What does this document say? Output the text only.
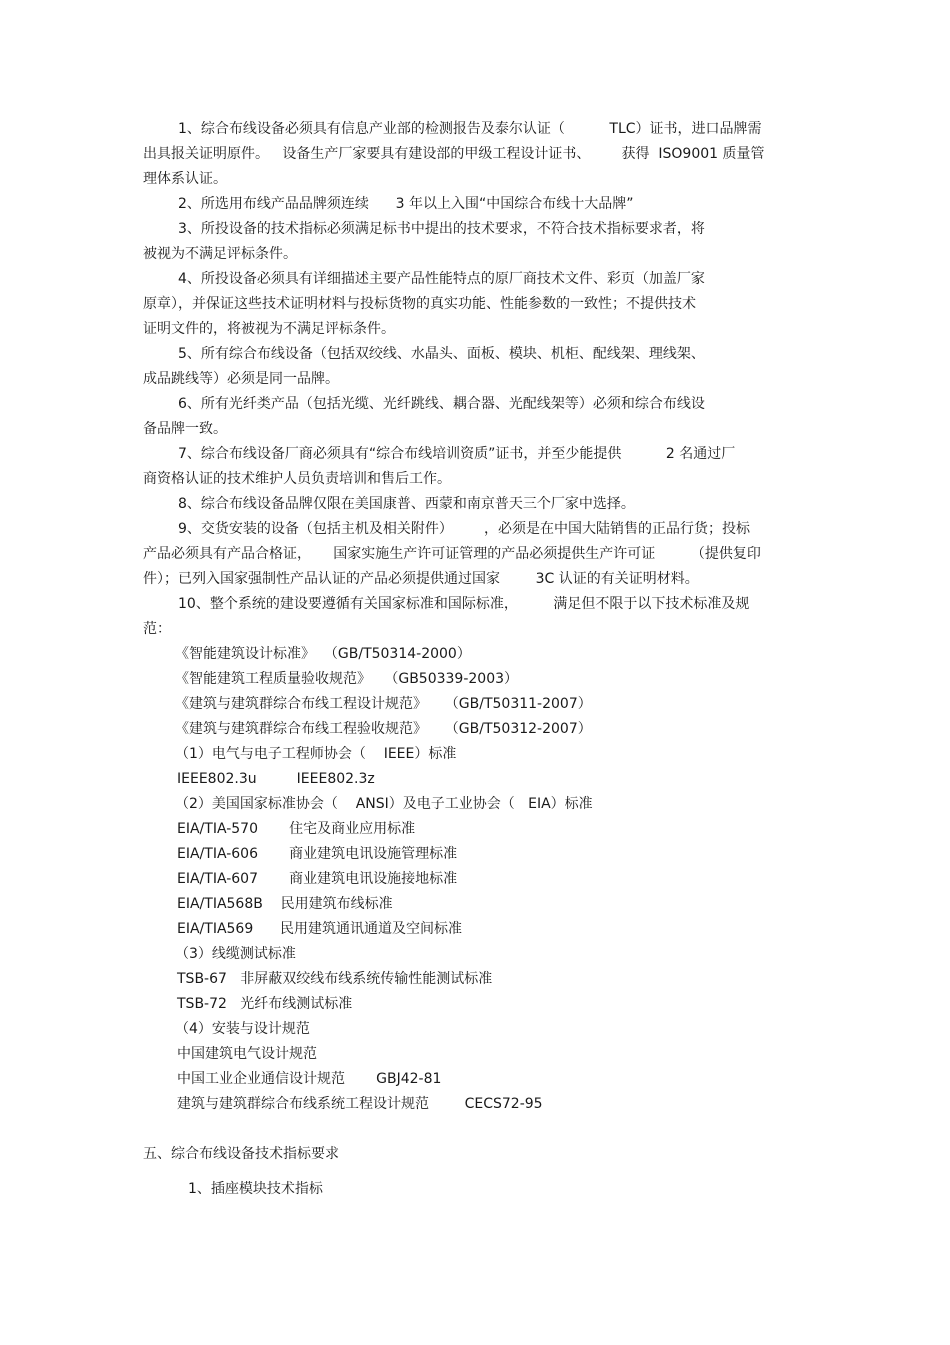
1、综合布线设备必须具有信息产业部的检测报告及泰尔认证（          TLC）证书，进口品牌需
出具报关证明原件。   设备生产厂家要具有建设部的甲级工程设计证书、       获得  ISO9001 质量管
理体系认证。
2、所选用布线产品品牌须连续      3 年以上入围“中国综合布线十大品牌”
3、所投设备的技术指标必须满足标书中提出的技术要求，不符合技术指标要求者，将
被视为不满足评标条件。
4、所投设备必须具有详细描述主要产品性能特点的原厂商技术文件、彩页（加盖厂家
原章），并保证这些技术证明材料与投标货物的真实功能、性能参数的一致性；不提供技术
证明文件的，将被视为不满足评标条件。
5、所有综合布线设备（包括双绞线、水晶头、面板、模块、机柜、配线架、理线架、
成品跳线等）必须是同一品牌。
6、所有光纤类产品（包括光缆、光纤跳线、耦合器、光配线架等）必须和综合布线设
备品牌一致。
7、综合布线设备厂商必须具有“综合布线培训资质”证书，并至少能提供          2 名通过厂
商资格认证的技术维护人员负责培训和售后工作。
8、综合布线设备品牌仅限在美国康普、西蒙和南京普天三个厂家中选择。
9、交货安装的设备（包括主机及相关附件）       ，必须是在中国大陆销售的正品行货；投标
产品必须具有产品合格证，     国家实施生产许可证管理的产品必须提供生产许可证        （提供复印
件）；已列入国家强制性产品认证的产品必须提供通过国家        3C 认证的有关证明材料。
10、整个系统的建设要遵循有关国家标准和国际标准，        满足但不限于以下技术标准及规
范：
《智能建筑设计标准》  （GB/T50314-2000）
《智能建筑工程质量验收规范》   （GB50339-2003）
《建筑与建筑群综合布线工程设计规范》    （GB/T50311-2007）
《建筑与建筑群综合布线工程验收规范》    （GB/T50312-2007）
（1）电气与电子工程师协会（    IEEE）标准
IEEE802.3u         IEEE802.3z
（2）美国国家标准协会（    ANSI）及电子工业协会（   EIA）标准
EIA/TIA-570       住宅及商业应用标准
EIA/TIA-606       商业建筑电讯设施管理标准
EIA/TIA-607       商业建筑电讯设施接地标准
EIA/TIA568B    民用建筑布线标准
EIA/TIA569      民用建筑通讯通道及空间标准
（3）线缆测试标准
TSB-67   非屏蔽双绞线布线系统传输性能测试标准
TSB-72   光纤布线测试标准
（4）安装与设计规范
中国建筑电气设计规范
中国工业企业通信设计规范       GBJ42-81
建筑与建筑群综合布线系统工程设计规范        CECS72-95
五、综合布线设备技术指标要求
1、插座模块技术指标
